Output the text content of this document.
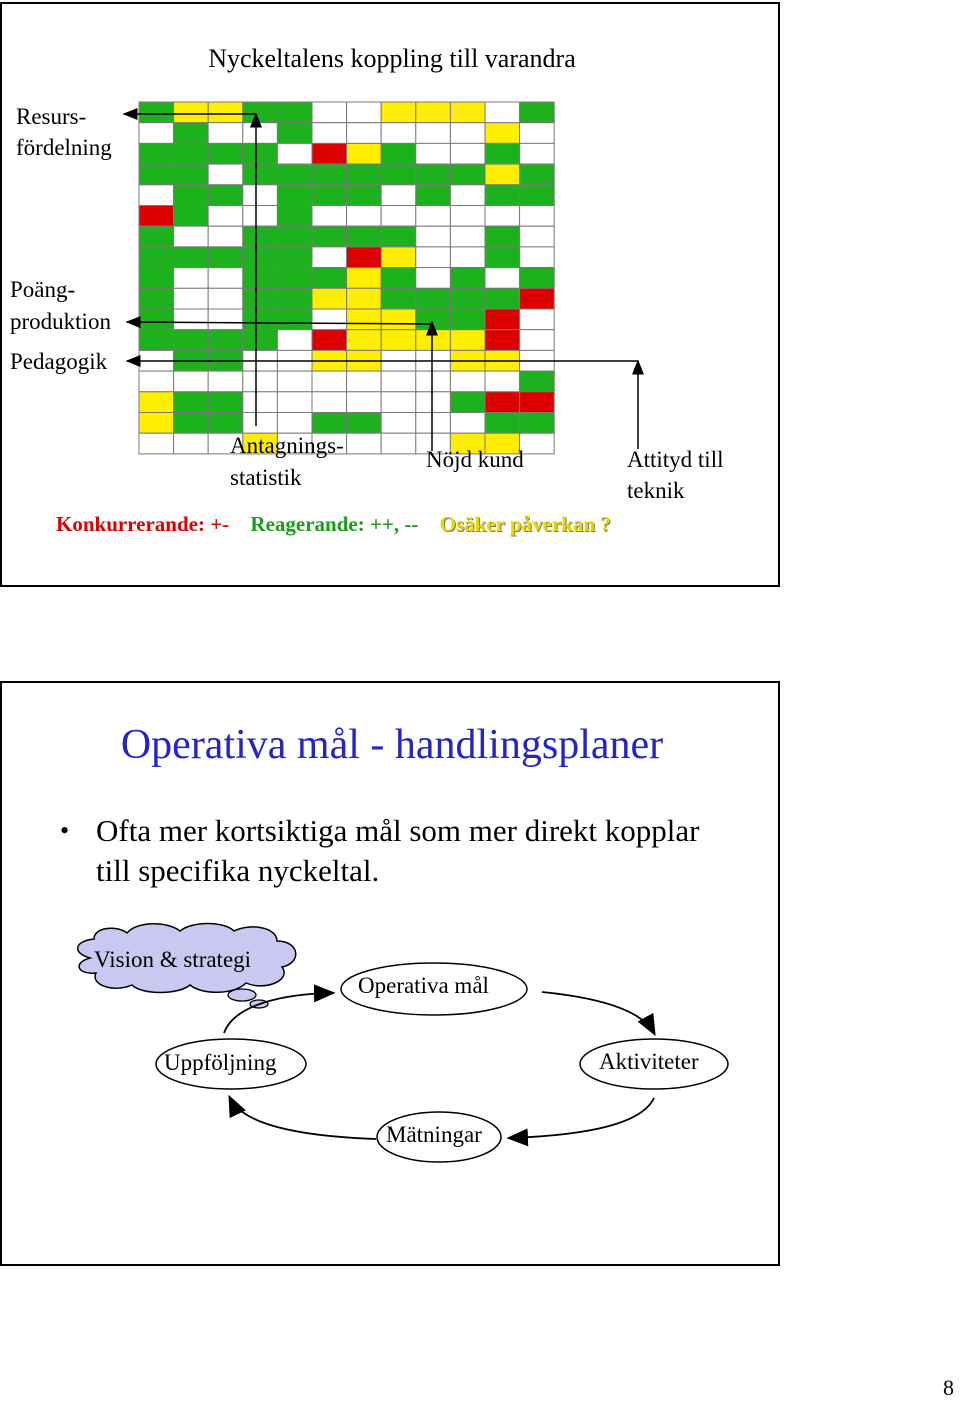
Nyckeltalens koppling till varandra
Resurs-
fördelning
Poäng-
produktion
Pedagogik
Antagnings-
statistik
Nöjd kund	Attityd till
teknik
Konkurrerande: +- Reagerande: ++, -- Osäker påverkan ?
Operativa mål - handlingsplaner
• Ofta mer kortsiktiga mål som mer direkt kopplar till specifika nyckeltal.
Vision & strategi
Operativa mål
Aktiviteter
Mätningar
Uppföljning
8
